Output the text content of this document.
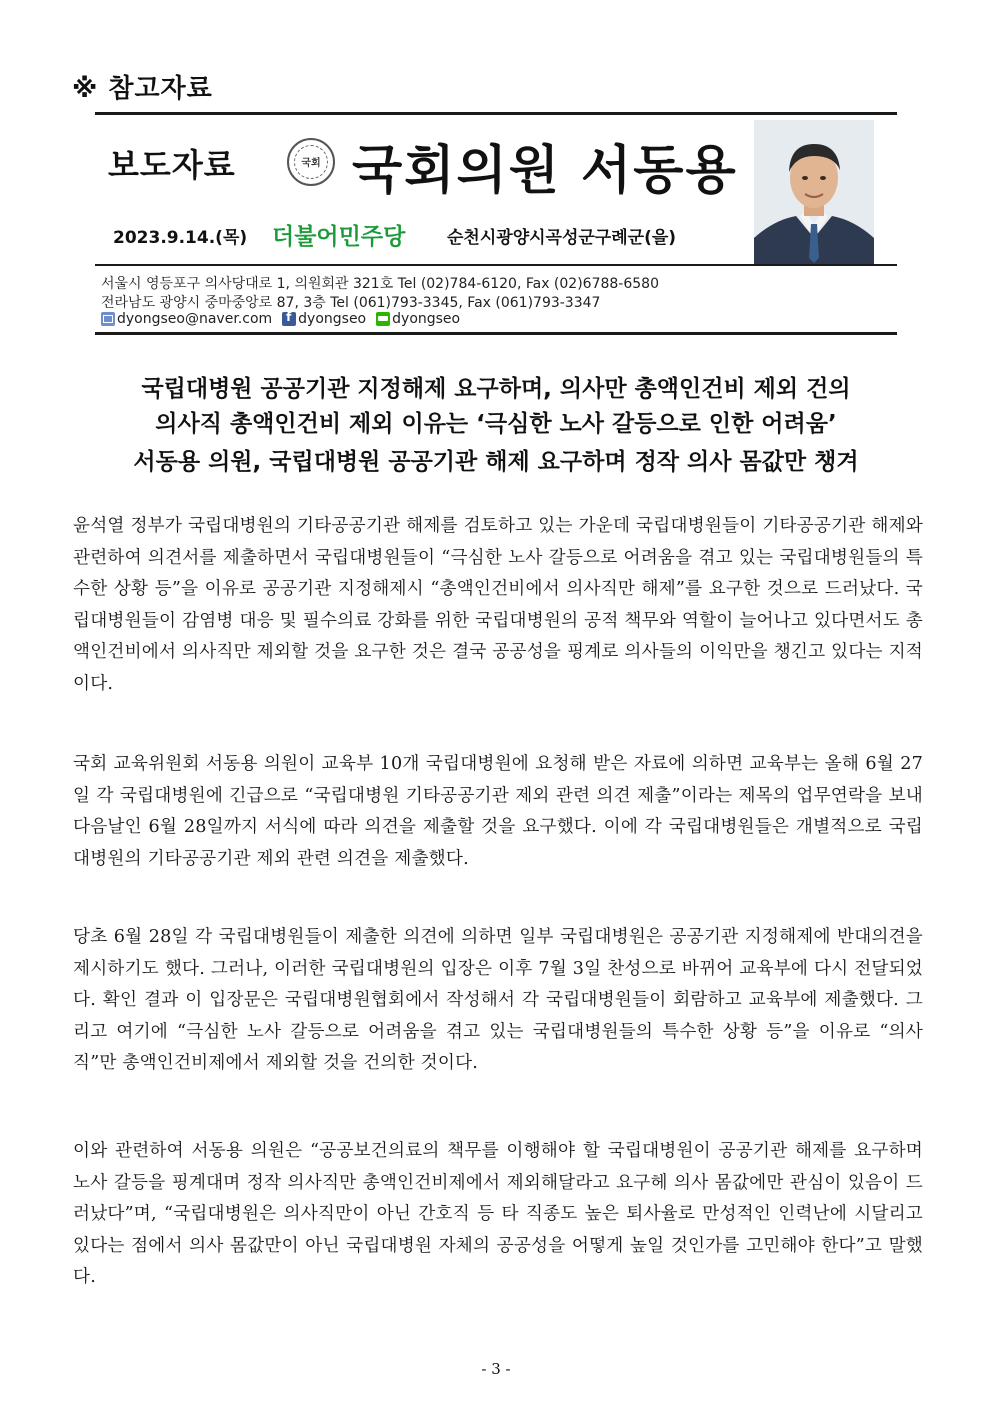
※ 참고자료
보도자료	국회 국회의원 서동용
2023.9.14.(목) 더불어민주당 순천시광양시곡성군구례군(을)
서울시 영등포구 의사당대로 1, 의원회관 321호 Tel (02)784-6120, Fax (02)6788-6580
전라남도 광양시 중마중앙로 87, 3층 Tel (061)793-3345, Fax (061)793-3347
dyongseo@naver.com
f dyongseo dyongseo
국립대병원 공공기관 지정해제 요구하며, 의사만 총액인건비 제외 건의
의사직 총액인건비 제외 이유는 ‘극심한 노사 갈등으로 인한 어려움’
서동용 의원, 국립대병원 공공기관 해제 요구하며 정작 의사 몸값만 챙겨
윤석열 정부가 국립대병원의 기타공공기관 해제를 검토하고 있는 가운데 국립대병원들이 기타공공기관 해제와 관련하여 의견서를 제출하면서 국립대병원들이 “극심한 노사 갈등으로 어려움을 겪고 있는 국립대병원들의 특수한 상황 등”을 이유로 공공기관 지정해제시 “총액인건비에서 의사직만 해제”를 요구한 것으로 드러났다. 국립대병원들이 감염병 대응 및 필수의료 강화를 위한 국립대병원의 공적 책무와 역할이 늘어나고 있다면서도 총액인건비에서 의사직만 제외할 것을 요구한 것은 결국 공공성을 핑계로 의사들의 이익만을 챙긴고 있다는 지적이다.
국회 교육위원회 서동용 의원이 교육부 10개 국립대병원에 요청해 받은 자료에 의하면 교육부는 올해 6월 27일 각 국립대병원에 긴급으로 “국립대병원 기타공공기관 제외 관련 의견 제출”이라는 제목의 업무연락을 보내 다음날인 6월 28일까지 서식에 따라 의견을 제출할 것을 요구했다. 이에 각 국립대병원들은 개별적으로 국립대병원의 기타공공기관 제외 관련 의견을 제출했다.
당초 6월 28일 각 국립대병원들이 제출한 의견에 의하면 일부 국립대병원은 공공기관 지정해제에 반대의견을 제시하기도 했다. 그러나, 이러한 국립대병원의 입장은 이후 7월 3일 찬성으로 바뀌어 교육부에 다시 전달되었다. 확인 결과 이 입장문은 국립대병원협회에서 작성해서 각 국립대병원들이 회람하고 교육부에 제출했다. 그리고 여기에 “극심한 노사 갈등으로 어려움을 겪고 있는 국립대병원들의 특수한 상황 등”을 이유로 “의사직”만 총액인건비제에서 제외할 것을 건의한 것이다.
이와 관련하여 서동용 의원은 “공공보건의료의 책무를 이행해야 할 국립대병원이 공공기관 해제를 요구하며 노사 갈등을 핑계대며 정작 의사직만 총액인건비제에서 제외해달라고 요구헤 의사 몸값에만 관심이 있음이 드러났다”며, “국립대병원은 의사직만이 아닌 간호직 등 타 직종도 높은 퇴사율로 만성적인 인력난에 시달리고 있다는 점에서 의사 몸값만이 아닌 국립대병원 자체의 공공성을 어떻게 높일 것인가를 고민해야 한다”고 말했다.
- 3 -
